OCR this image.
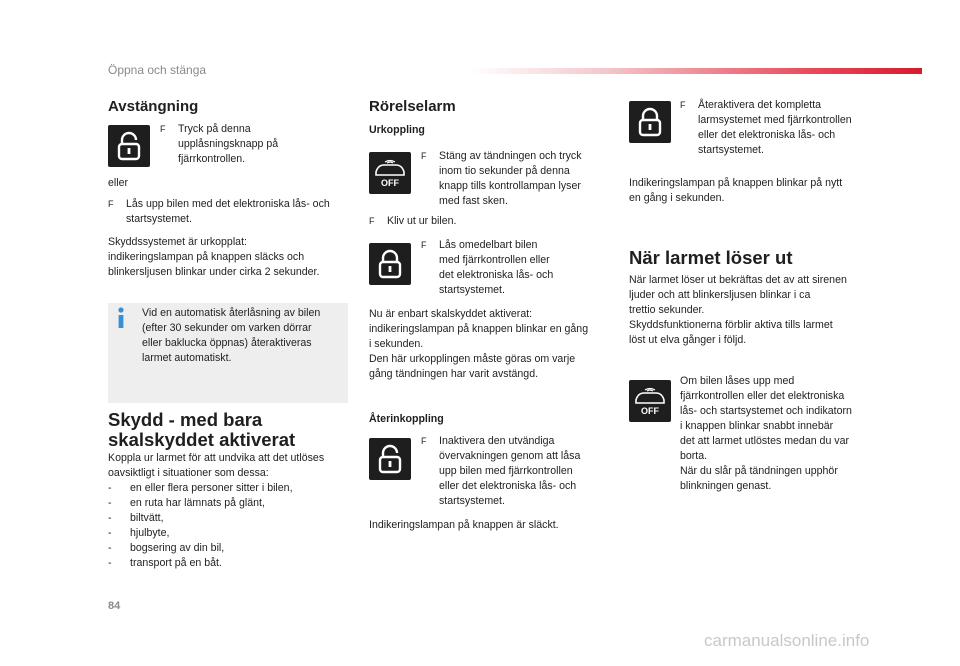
Öppna och stänga
Avstängning
F	Tryck på denna
upplåsningsknapp på
fjärrkontrollen.

eller

F	Lås upp bilen med det elektroniska lås- och
startsystemet.

Skyddssystemet är urkopplat:
indikeringslampan på knappen släcks och
blinkersljusen blinkar under cirka 2 sekunder.

Vid en automatisk återlåsning av bilen
(efter 30 sekunder om varken dörrar
eller baklucka öppnas) återaktiveras
larmet automatiskt.

Skydd - med bara
skalskyddet aktiverat

Koppla ur larmet för att undvika att det utlöses
oavsiktligt i situationer som dessa:

-	en eller flera personer sitter i bilen,
-	en ruta har lämnats på glänt,
-	biltvätt,
-	hjulbyte,
-	bogsering av din bil,
-	transport på en båt.
Rörelselarm

Urkoppling

OFF
F	Stäng av tändningen och tryck
inom tio sekunder på denna
knapp tills kontrollampan lyser
med fast sken.
F	Kliv ut ur bilen.
F	Lås omedelbart bilen
med fjärrkontrollen eller
det elektroniska lås- och
startsystemet.

Nu är enbart skalskyddet aktiverat:
indikeringslampan på knappen blinkar en gång
i sekunden.
Den här urkopplingen måste göras om varje
gång tändningen har varit avstängd.

Återinkoppling

F	Inaktivera den utvändiga
övervakningen genom att låsa
upp bilen med fjärrkontrollen
eller det elektroniska lås- och
startsystemet.

Indikeringslampan på knappen är släckt.

F	Återaktivera det kompletta
larmsystemet med fjärrkontrollen
eller det elektroniska lås- och
startsystemet.

Indikeringslampan på knappen blinkar på nytt
en gång i sekunden.

När larmet löser ut

När larmet löser ut bekräftas det av att sirenen
ljuder och att blinkersljusen blinkar i ca
trettio sekunder.
Skyddsfunktionerna förblir aktiva tills larmet
löst ut elva gånger i följd.

OFF

Om bilen låses upp med
fjärrkontrollen eller det elektroniska
lås- och startsystemet och indikatorn
i knappen blinkar snabbt innebär
det att larmet utlöstes medan du var
borta.
När du slår på tändningen upphör
blinkningen genast.

84
carmanualsonline.info
